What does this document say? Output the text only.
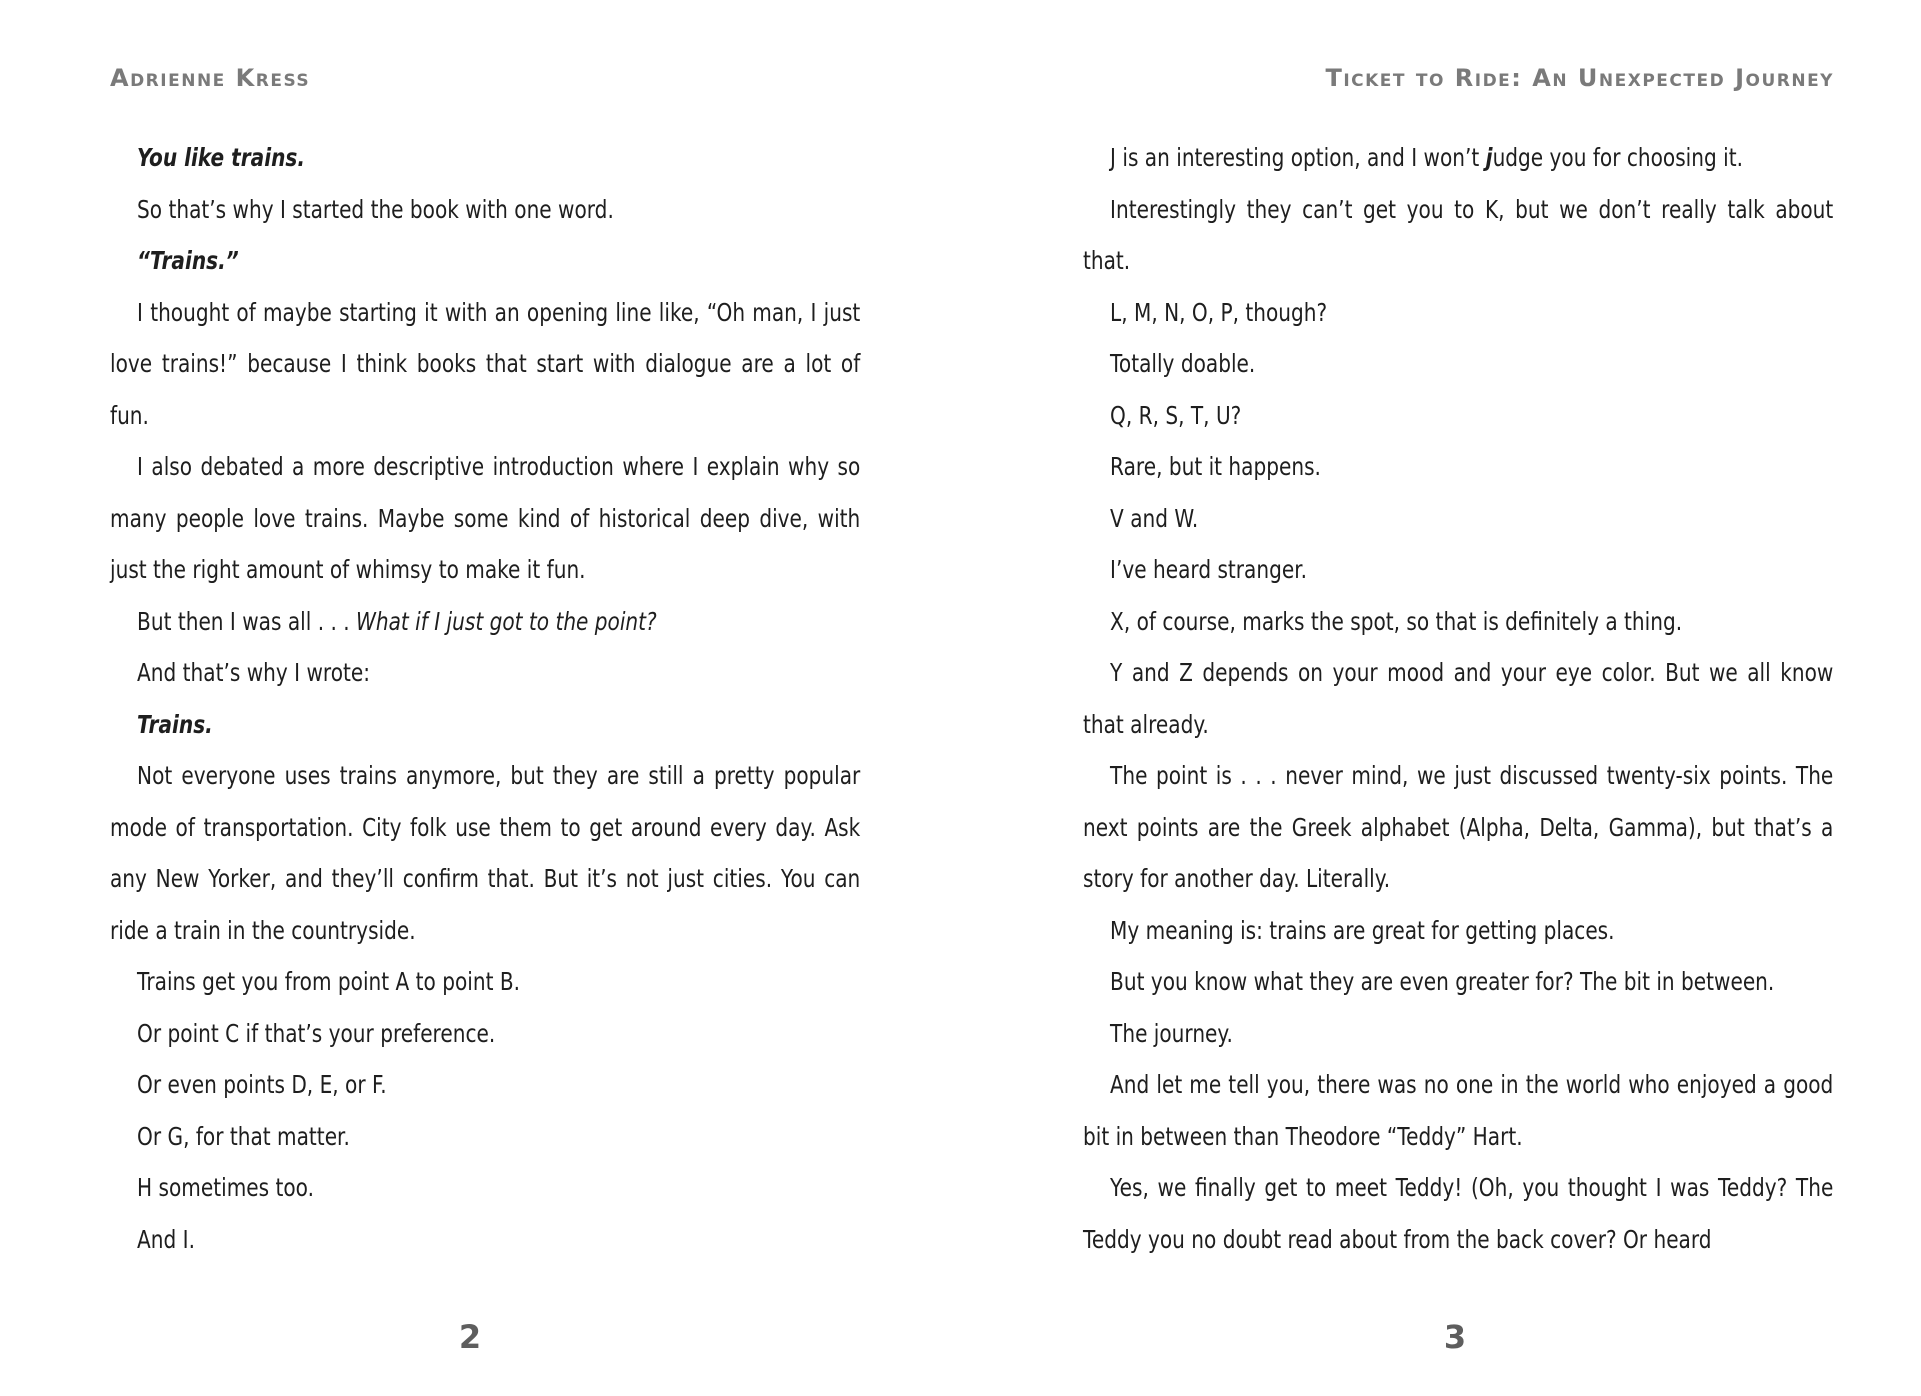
Adrienne Kress

You like trains.

So that’s why I started the book with one word.

“Trains.”

I thought of maybe starting it with an opening line like, “Oh man, I just love trains!” because I think books that start with dialogue are a lot of fun.

I also debated a more descriptive introduction where I explain why so many people love trains. Maybe some kind of historical deep dive, with just the right amount of whimsy to make it fun.

But then I was all . . . What if I just got to the point?

And that’s why I wrote:

Trains.

Not everyone uses trains anymore, but they are still a pretty popular mode of transportation. City folk use them to get around every day. Ask any New Yorker, and they’ll confirm that. But it’s not just cities. You can ride a train in the countryside.

Trains get you from point A to point B.

Or point C if that’s your preference.

Or even points D, E, or F.

Or G, for that matter.

H sometimes too.

And I.

2
Ticket to Ride: An Unexpected Journey

J is an interesting option, and I won’t judge you for choosing it.

Interestingly they can’t get you to K, but we don’t really talk about that.

L, M, N, O, P, though?

Totally doable.

Q, R, S, T, U?

Rare, but it happens.

V and W.

I’ve heard stranger.

X, of course, marks the spot, so that is definitely a thing.

Y and Z depends on your mood and your eye color. But we all know that already.

The point is . . . never mind, we just discussed twenty-six points. The next points are the Greek alphabet (Alpha, Delta, Gamma), but that’s a story for another day. Literally.

My meaning is: trains are great for getting places.

But you know what they are even greater for? The bit in between.

The journey.

And let me tell you, there was no one in the world who enjoyed a good bit in between than Theodore “Teddy” Hart.

Yes, we finally get to meet Teddy! (Oh, you thought I was Teddy? The Teddy you no doubt read about from the back cover? Or heard

3
